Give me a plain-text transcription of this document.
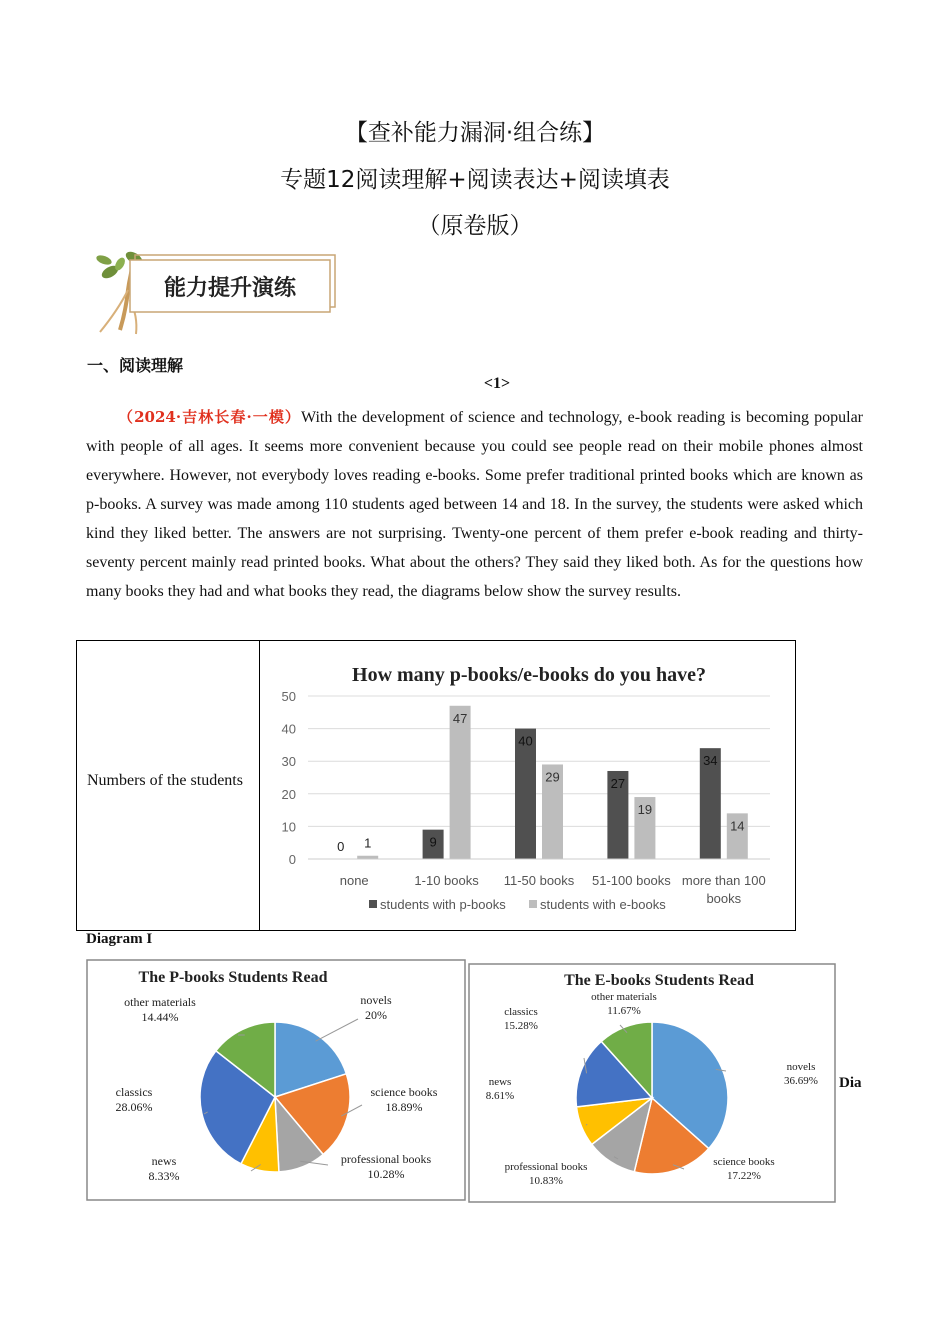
【查补能力漏洞·组合练】
专题12阅读理解+阅读表达+阅读填表
（原卷版）
能力提升演练
一、阅读理解
<1>
（2024·吉林长春·一模）With the development of science and technology, e-book reading is becoming popular with people of all ages. It seems more convenient because you could see people read on their mobile phones almost everywhere. However, not everybody loves reading e-books. Some prefer traditional printed books which are known as p-books. A survey was made among 110 students aged between 14 and 18. In the survey, the students were asked which kind they liked better. The answers are not surprising. Twenty-one percent of them prefer e-book reading and thirty-seventy percent mainly read printed books. What about the others? They said they liked both. As for the questions how many books they had and what books they read, the diagrams below show the survey results.
Numbers of the students
How many p-books/e-books do you have?
0
10
20
30
40
50
0 1
none
9
47
1-10 books
40
29
11-50 books
27
19
51-100 books
34
14
more than 100
books
students with p-books	students with e-books
Diagram I
The P-books Students Read
novels
20%
science books
18.89%
professional books
10.28%
news
8.33%
classics
28.06%
other materials
14.44%
The E-books Students Read
novels
36.69%
science books
17.22%
professional books
10.83%
news
8.61%
classics
15.28%
other materials
11.67%
Dia
